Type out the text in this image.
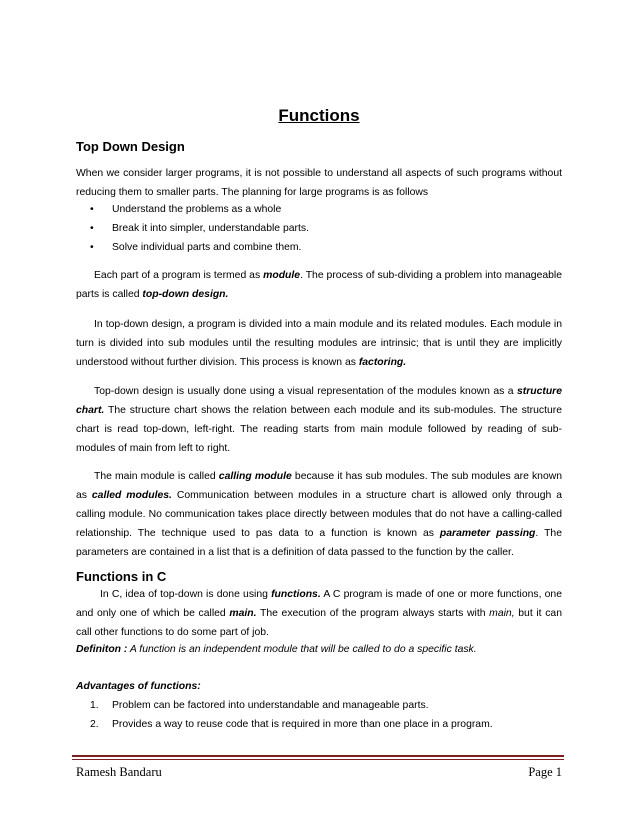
Functions
Top Down Design

When we consider larger programs, it is not possible to understand all aspects of such programs without reducing them to smaller parts. The planning for large programs is as follows

• Understand the problems as a whole
• Break it into simpler, understandable parts.
• Solve individual parts and combine them.

Each part of a program is termed as module. The process of sub-dividing a problem into manageable parts is called top-down design.

In top-down design, a program is divided into a main module and its related modules. Each module in turn is divided into sub modules until the resulting modules are intrinsic; that is until they are implicitly understood without further division. This process is known as factoring.

Top-down design is usually done using a visual representation of the modules known as a structure chart. The structure chart shows the relation between each module and its sub-modules. The structure chart is read top-down, left-right. The reading starts from main module followed by reading of sub-modules of main from left to right.

The main module is called calling module because it has sub modules. The sub modules are known as called modules. Communication between modules in a structure chart is allowed only through a calling module. No communication takes place directly between modules that do not have a calling-called relationship. The technique used to pas data to a function is known as parameter passing. The parameters are contained in a list that is a definition of data passed to the function by the caller.

Functions in C

In C, idea of top-down is done using functions. A C program is made of one or more functions, one and only one of which be called main. The execution of the program always starts with main, but it can call other functions to do some part of job.

Definiton : A function is an independent module that will be called to do a specific task.

Advantages of functions:

1. Problem can be factored into understandable and manageable parts.
2. Provides a way to reuse code that is required in more than one place in a program.
Ramesh Bandaru	Page 1
